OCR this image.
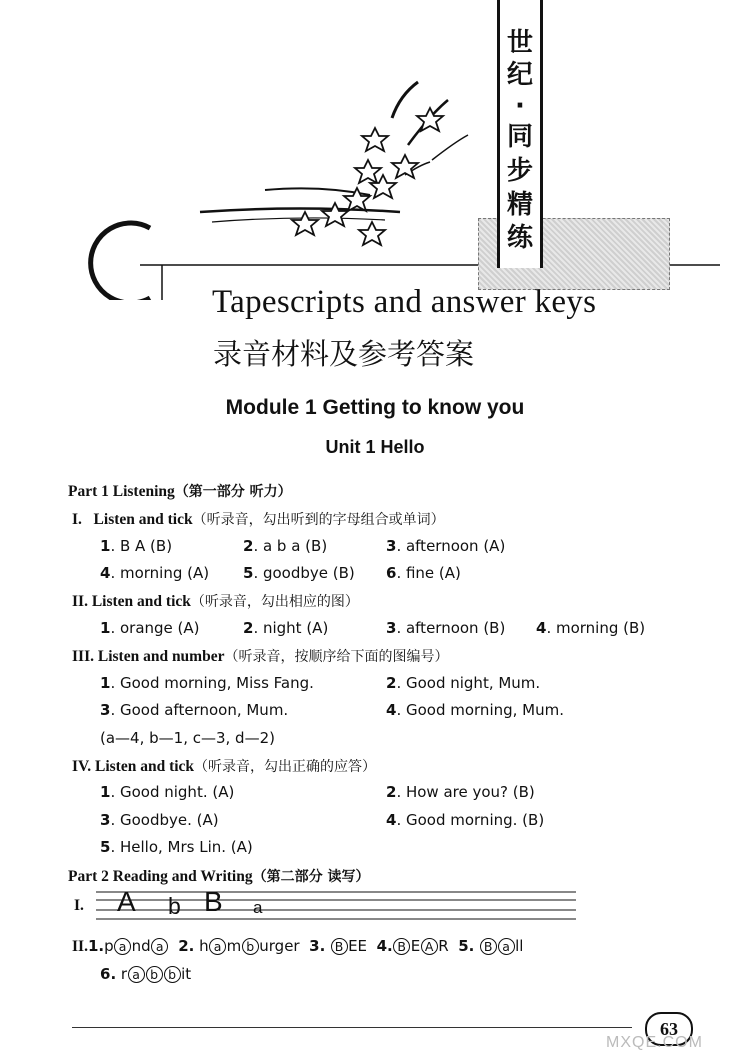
世
纪
·
同
步
精
练
Tapescripts and answer keys
录音材料及参考答案
Module 1 Getting to know you
Unit 1 Hello
Part 1 Listening（第一部分 听力）
I. Listen and tick（听录音，勾出听到的字母组合或单词）
1. B A (B)	2. a b a (B)	3. afternoon (A)
4. morning (A) 5. goodbye (B) 6. fine (A)
II. Listen and tick（听录音，勾出相应的图）
1. orange (A)	2. night (A)	3. afternoon (B) 4. morning (B)
III. Listen and number（听录音，按顺序给下面的图编号）
1. Good morning, Miss Fang.	2. Good night, Mum.
3. Good afternoon, Mum.	4. Good morning, Mum.
(a—4, b—1, c—3, d—2)
IV. Listen and tick（听录音，勾出正确的应答）
1. Good night. (A)	2. How are you? (B)
3. Goodbye. (A)	4. Good morning. (B)
5. Hello, Mrs Lin. (A)
Part 2 Reading and Writing（第二部分 读写）
I. A b B a
II.1.p a nd a 2. h a m b urger 3. B EE 4. B E A R 5. B a ll
6. r a b b it
63
MXQE.COM
